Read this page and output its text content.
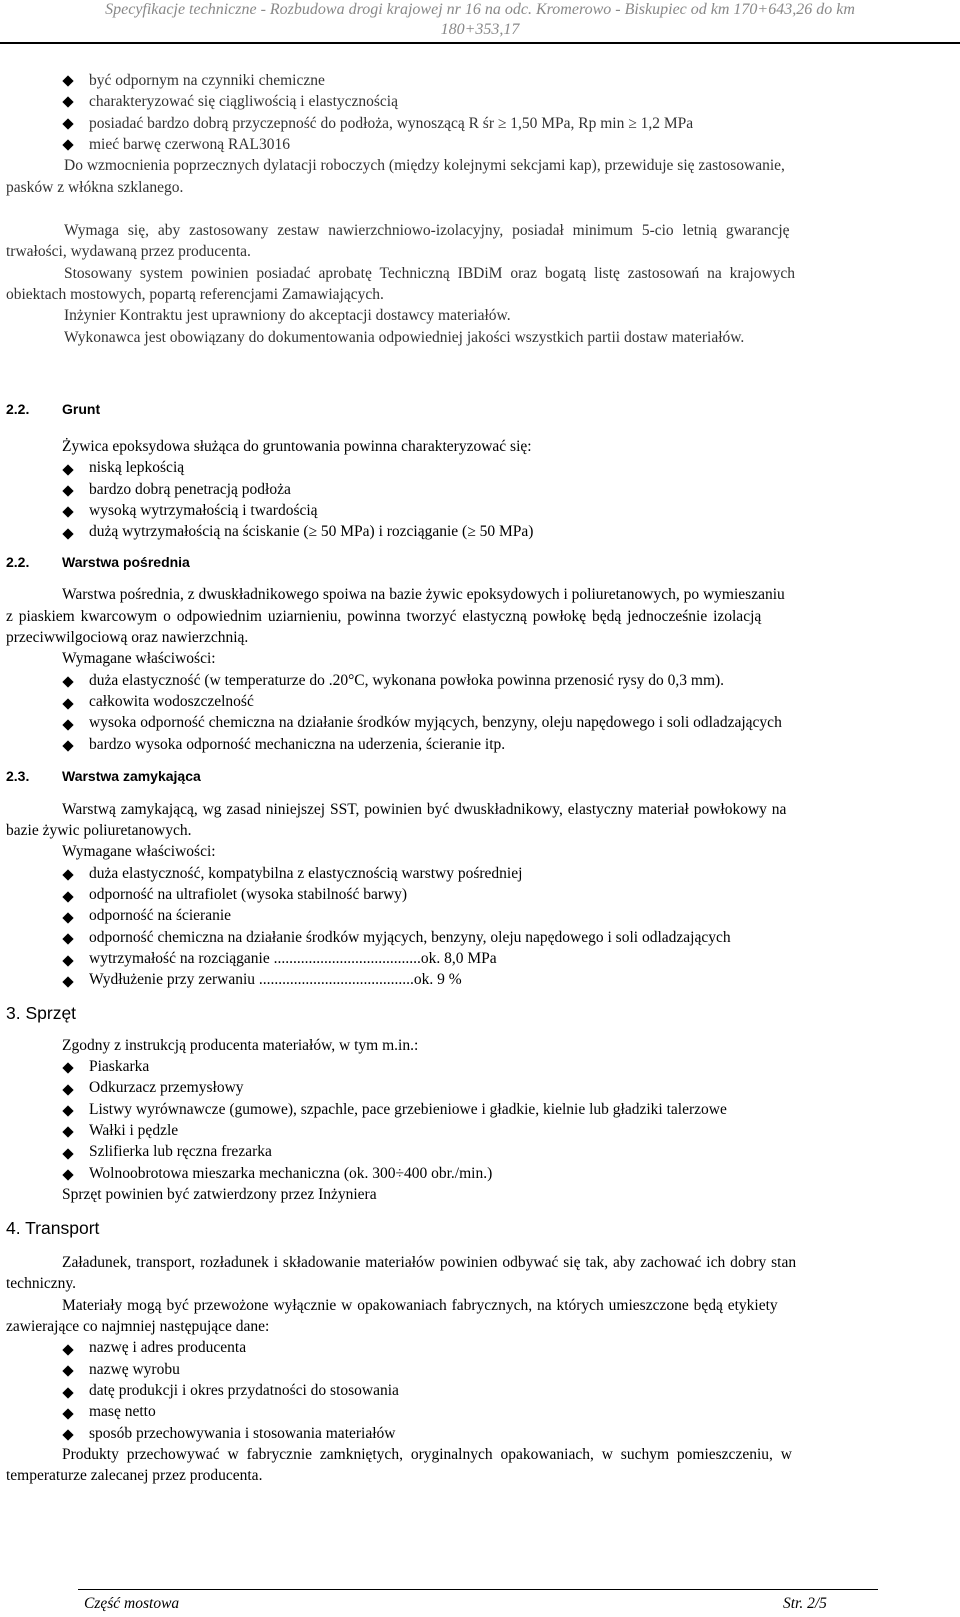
Specyfikacje techniczne - Rozbudowa drogi krajowej nr 16 na odc. Kromerowo - Biskupiec od km 170+643,26 do km
180+353,17
być odpornym na czynniki chemiczne
charakteryzować się ciągliwością i elastycznością
posiadać bardzo dobrą przyczepność do podłoża, wynoszącą R śr ≥ 1,50 MPa, Rp min ≥ 1,2 MPa
mieć barwę czerwoną RAL3016
Do wzmocnienia poprzecznych dylatacji roboczych (między kolejnymi sekcjami kap), przewiduje się zastosowanie,
pasków z włókna szklanego.
Wymaga się, aby zastosowany zestaw nawierzchniowo-izolacyjny, posiadał minimum 5-cio letnią gwarancję
trwałości, wydawaną przez producenta.
Stosowany system powinien posiadać aprobatę Techniczną IBDiM oraz bogatą listę zastosowań na krajowych
obiektach mostowych, popartą referencjami Zamawiających.
Inżynier Kontraktu jest uprawniony do akceptacji dostawcy materiałów.
Wykonawca jest obowiązany do dokumentowania odpowiedniej jakości wszystkich partii dostaw materiałów.
2.2. Grunt
Żywica epoksydowa służąca do gruntowania powinna charakteryzować się:
niską lepkością
bardzo dobrą penetracją podłoża
wysoką wytrzymałością i twardością
dużą wytrzymałością na ściskanie (≥ 50 MPa) i rozciąganie (≥ 50 MPa)
2.2. Warstwa pośrednia
Warstwa pośrednia, z dwuskładnikowego spoiwa na bazie żywic epoksydowych i poliuretanowych, po wymieszaniu
z piaskiem kwarcowym o odpowiednim uziarnieniu, powinna tworzyć elastyczną powłokę będą jednocześnie izolacją
przeciwwilgociową oraz nawierzchnią.
Wymagane właściwości:
duża elastyczność (w temperaturze do .20°C, wykonana powłoka powinna przenosić rysy do 0,3 mm).
całkowita wodoszczelność
wysoka odporność chemiczna na działanie środków myjących, benzyny, oleju napędowego i soli odladzających
bardzo wysoka odporność mechaniczna na uderzenia, ścieranie itp.
2.3. Warstwa zamykająca
Warstwą zamykającą, wg zasad niniejszej SST, powinien być dwuskładnikowy, elastyczny materiał powłokowy na
bazie żywic poliuretanowych.
Wymagane właściwości:
duża elastyczność, kompatybilna z elastycznością warstwy pośredniej
odporność na ultrafiolet (wysoka stabilność barwy)
odporność na ścieranie
odporność chemiczna na działanie środków myjących, benzyny, oleju napędowego i soli odladzających
wytrzymałość na rozciąganie ......................................ok. 8,0 MPa
Wydłużenie przy zerwaniu ........................................ok. 9 %
3. Sprzęt
Zgodny z instrukcją producenta materiałów, w tym m.in.:
Piaskarka
Odkurzacz przemysłowy
Listwy wyrównawcze (gumowe), szpachle, pace grzebieniowe i gładkie, kielnie lub gładziki talerzowe
Wałki i pędzle
Szlifierka lub ręczna frezarka
Wolnoobrotowa mieszarka mechaniczna (ok. 300÷400 obr./min.)
Sprzęt powinien być zatwierdzony przez Inżyniera
4. Transport
Załadunek, transport, rozładunek i składowanie materiałów powinien odbywać się tak, aby zachować ich dobry stan
techniczny.
Materiały mogą być przewożone wyłącznie w opakowaniach fabrycznych, na których umieszczone będą etykiety
zawierające co najmniej następujące dane:
nazwę i adres producenta
nazwę wyrobu
datę produkcji i okres przydatności do stosowania
masę netto
sposób przechowywania i stosowania materiałów
Produkty przechowywać w fabrycznie zamkniętych, oryginalnych opakowaniach, w suchym pomieszczeniu, w
temperaturze zalecanej przez producenta.
Część mostowa	Str. 2/5
